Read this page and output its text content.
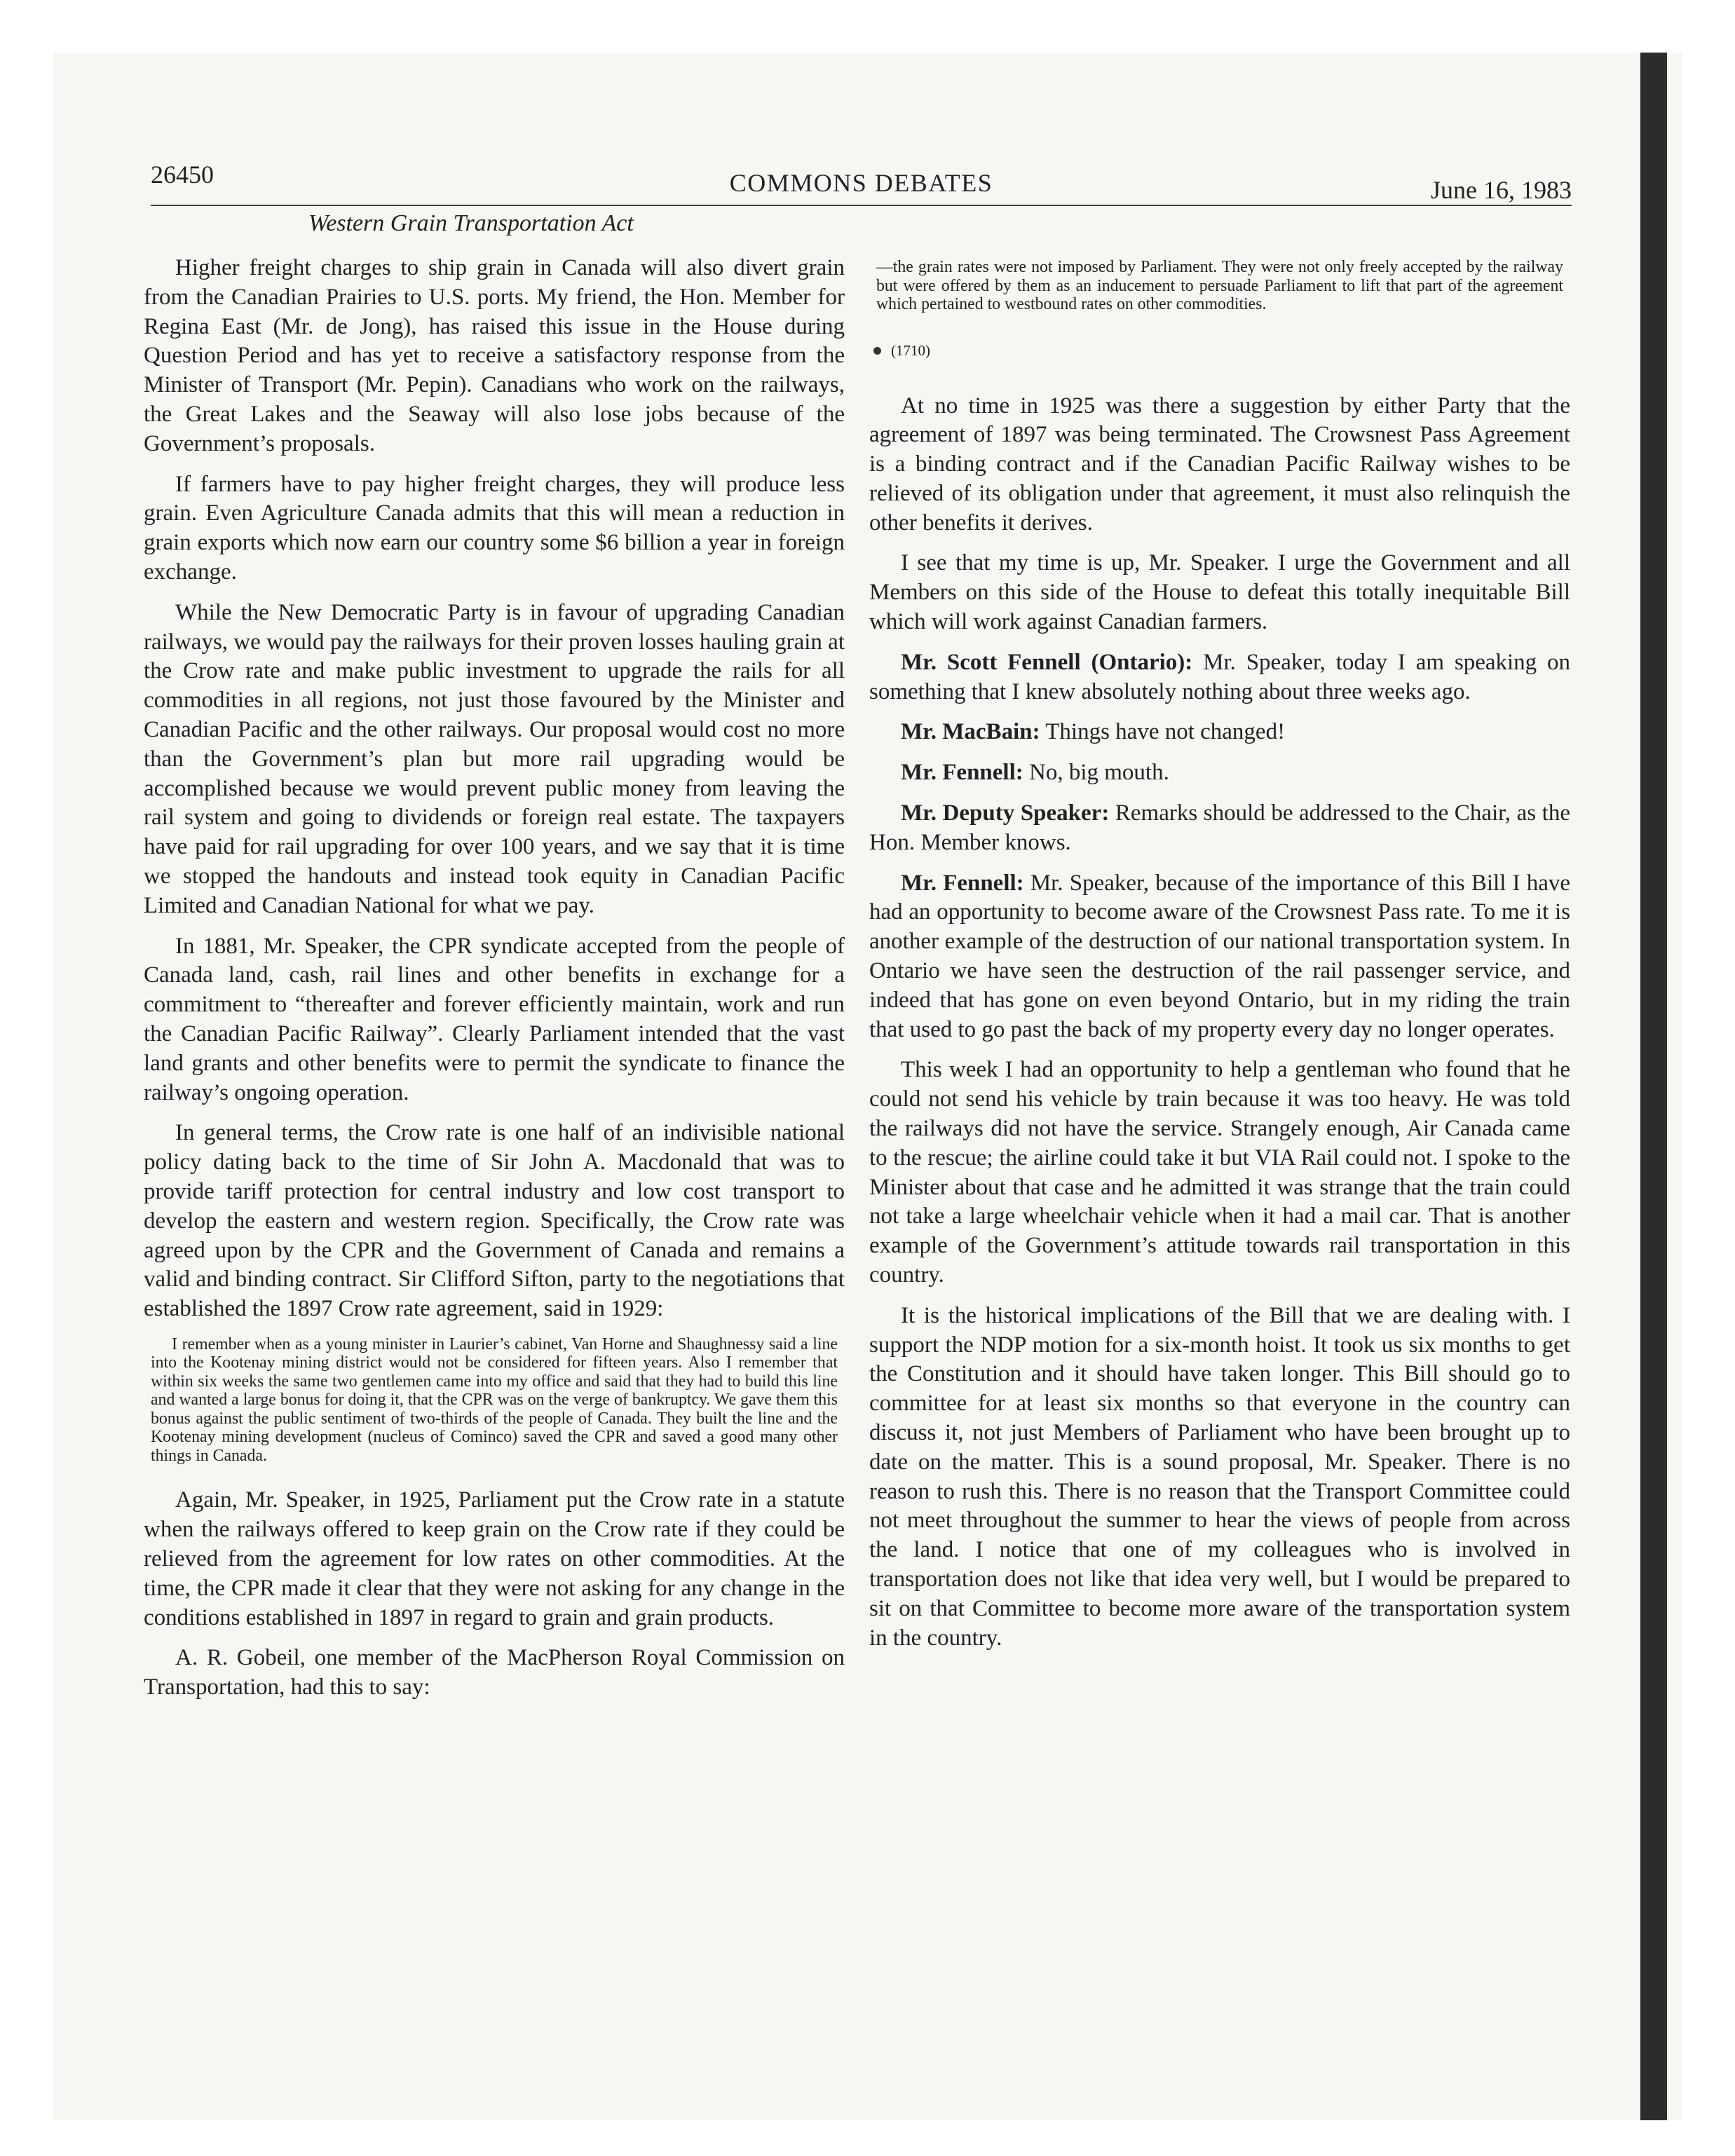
26450	COMMONS DEBATES	June 16, 1983
Western Grain Transportation Act

Higher freight charges to ship grain in Canada will also divert grain from the Canadian Prairies to U.S. ports. My friend, the Hon. Member for Regina East (Mr. de Jong), has raised this issue in the House during Question Period and has yet to receive a satisfactory response from the Minister of Transport (Mr. Pepin). Canadians who work on the railways, the Great Lakes and the Seaway will also lose jobs because of the Government’s proposals.

If farmers have to pay higher freight charges, they will produce less grain. Even Agriculture Canada admits that this will mean a reduction in grain exports which now earn our country some $6 billion a year in foreign exchange.

While the New Democratic Party is in favour of upgrading Canadian railways, we would pay the railways for their proven losses hauling grain at the Crow rate and make public investment to upgrade the rails for all commodities in all regions, not just those favoured by the Minister and Canadian Pacific and the other railways. Our proposal would cost no more than the Government’s plan but more rail upgrading would be accomplished because we would prevent public money from leaving the rail system and going to dividends or foreign real estate. The taxpayers have paid for rail upgrading for over 100 years, and we say that it is time we stopped the handouts and instead took equity in Canadian Pacific Limited and Canadian National for what we pay.

In 1881, Mr. Speaker, the CPR syndicate accepted from the people of Canada land, cash, rail lines and other benefits in exchange for a commitment to “thereafter and forever efficiently maintain, work and run the Canadian Pacific Railway”. Clearly Parliament intended that the vast land grants and other benefits were to permit the syndicate to finance the railway’s ongoing operation.

In general terms, the Crow rate is one half of an indivisible national policy dating back to the time of Sir John A. Macdonald that was to provide tariff protection for central industry and low cost transport to develop the eastern and western region. Specifically, the Crow rate was agreed upon by the CPR and the Government of Canada and remains a valid and binding contract. Sir Clifford Sifton, party to the negotiations that established the 1897 Crow rate agreement, said in 1929:

I remember when as a young minister in Laurier’s cabinet, Van Horne and Shaughnessy said a line into the Kootenay mining district would not be considered for fifteen years. Also I remember that within six weeks the same two gentlemen came into my office and said that they had to build this line and wanted a large bonus for doing it, that the CPR was on the verge of bankruptcy. We gave them this bonus against the public sentiment of two-thirds of the people of Canada. They built the line and the Kootenay mining development (nucleus of Cominco) saved the CPR and saved a good many other things in Canada.

Again, Mr. Speaker, in 1925, Parliament put the Crow rate in a statute when the railways offered to keep grain on the Crow rate if they could be relieved from the agreement for low rates on other commodities. At the time, the CPR made it clear that they were not asking for any change in the conditions established in 1897 in regard to grain and grain products.

A. R. Gobeil, one member of the MacPherson Royal Commission on Transportation, had this to say:

—the grain rates were not imposed by Parliament. They were not only freely accepted by the railway but were offered by them as an inducement to persuade Parliament to lift that part of the agreement which pertained to westbound rates on other commodities.

(1710)

At no time in 1925 was there a suggestion by either Party that the agreement of 1897 was being terminated. The Crowsnest Pass Agreement is a binding contract and if the Canadian Pacific Railway wishes to be relieved of its obligation under that agreement, it must also relinquish the other benefits it derives.

I see that my time is up, Mr. Speaker. I urge the Government and all Members on this side of the House to defeat this totally inequitable Bill which will work against Canadian farmers.

Mr. Scott Fennell (Ontario): Mr. Speaker, today I am speaking on something that I knew absolutely nothing about three weeks ago.

Mr. MacBain: Things have not changed!

Mr. Fennell: No, big mouth.

Mr. Deputy Speaker: Remarks should be addressed to the Chair, as the Hon. Member knows.

Mr. Fennell: Mr. Speaker, because of the importance of this Bill I have had an opportunity to become aware of the Crowsnest Pass rate. To me it is another example of the destruction of our national transportation system. In Ontario we have seen the destruction of the rail passenger service, and indeed that has gone on even beyond Ontario, but in my riding the train that used to go past the back of my property every day no longer operates.

This week I had an opportunity to help a gentleman who found that he could not send his vehicle by train because it was too heavy. He was told the railways did not have the service. Strangely enough, Air Canada came to the rescue; the airline could take it but VIA Rail could not. I spoke to the Minister about that case and he admitted it was strange that the train could not take a large wheelchair vehicle when it had a mail car. That is another example of the Government’s attitude towards rail transportation in this country.

It is the historical implications of the Bill that we are dealing with. I support the NDP motion for a six-month hoist. It took us six months to get the Constitution and it should have taken longer. This Bill should go to committee for at least six months so that everyone in the country can discuss it, not just Members of Parliament who have been brought up to date on the matter. This is a sound proposal, Mr. Speaker. There is no reason to rush this. There is no reason that the Transport Committee could not meet throughout the summer to hear the views of people from across the land. I notice that one of my colleagues who is involved in transportation does not like that idea very well, but I would be prepared to sit on that Committee to become more aware of the transportation system in the country.
